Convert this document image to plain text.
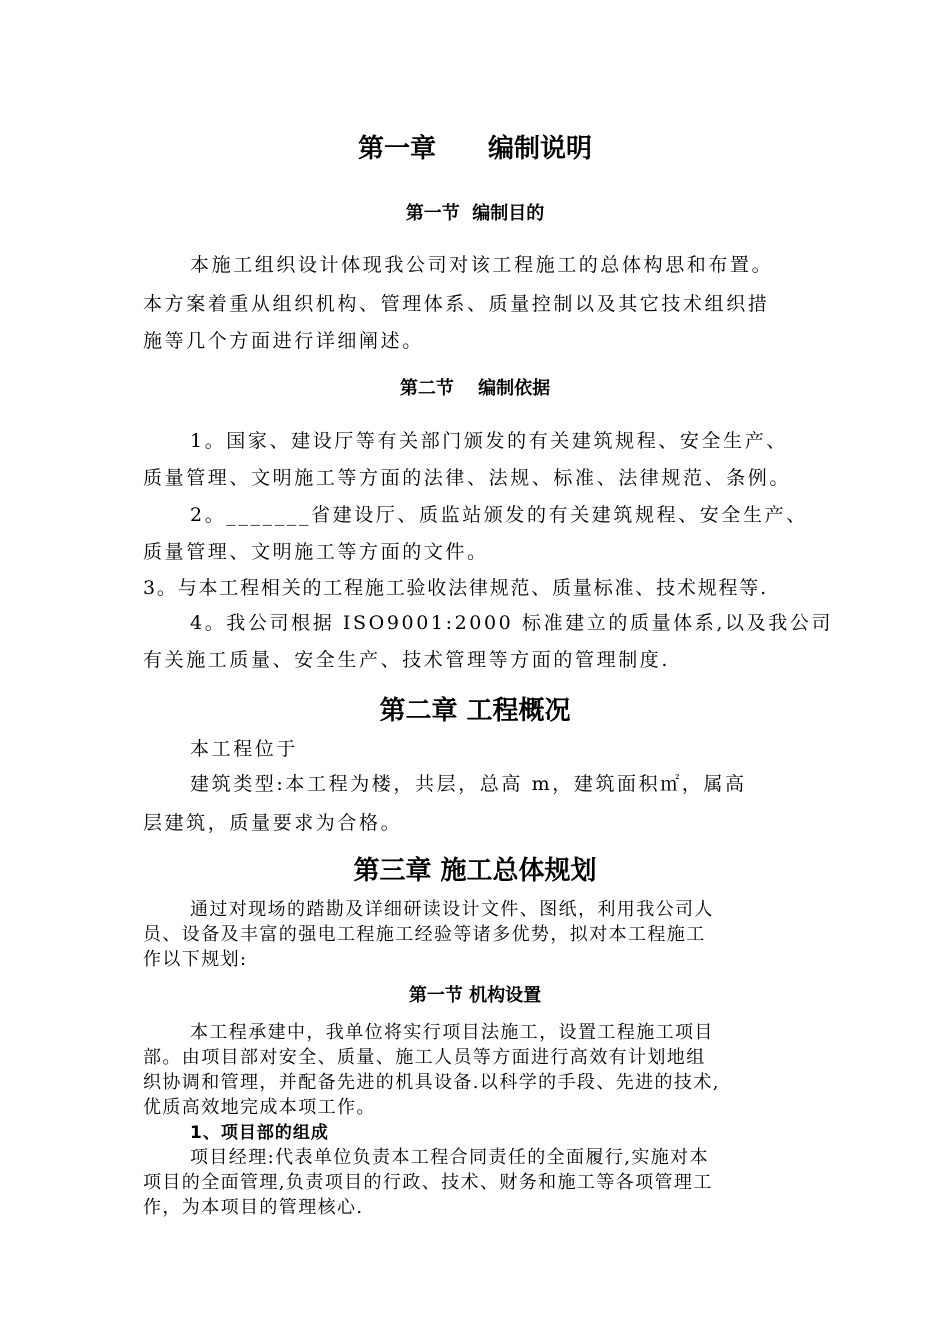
第一章　　编制说明
第一节  编制目的
本施工组织设计体现我公司对该工程施工的总体构思和布置。
本方案着重从组织机构、管理体系、质量控制以及其它技术组织措
施等几个方面进行详细阐述。
第二节　 编制依据
1。国家、建设厅等有关部门颁发的有关建筑规程、安全生产、
质量管理、文明施工等方面的法律、法规、标准、法律规范、条例。
2。_______省建设厅、质监站颁发的有关建筑规程、安全生产、
质量管理、文明施工等方面的文件。
3。与本工程相关的工程施工验收法律规范、质量标准、技术规程等.
4。我公司根据 ISO9001:2000 标准建立的质量体系,以及我公司
有关施工质量、安全生产、技术管理等方面的管理制度.
第二章 工程概况
本工程位于
建筑类型:本工程为楼，共层，总高 m，建筑面积㎡，属高
层建筑，质量要求为合格。
第三章 施工总体规划
通过对现场的踏勘及详细研读设计文件、图纸，利用我公司人
员、设备及丰富的强电工程施工经验等诸多优势，拟对本工程施工
作以下规划:
第一节 机构设置
本工程承建中，我单位将实行项目法施工，设置工程施工项目
部。由项目部对安全、质量、施工人员等方面进行高效有计划地组
织协调和管理，并配备先进的机具设备.以科学的手段、先进的技术,
优质高效地完成本项工作。
1、项目部的组成
项目经理:代表单位负责本工程合同责任的全面履行,实施对本
项目的全面管理,负责项目的行政、技术、财务和施工等各项管理工
作，为本项目的管理核心.
